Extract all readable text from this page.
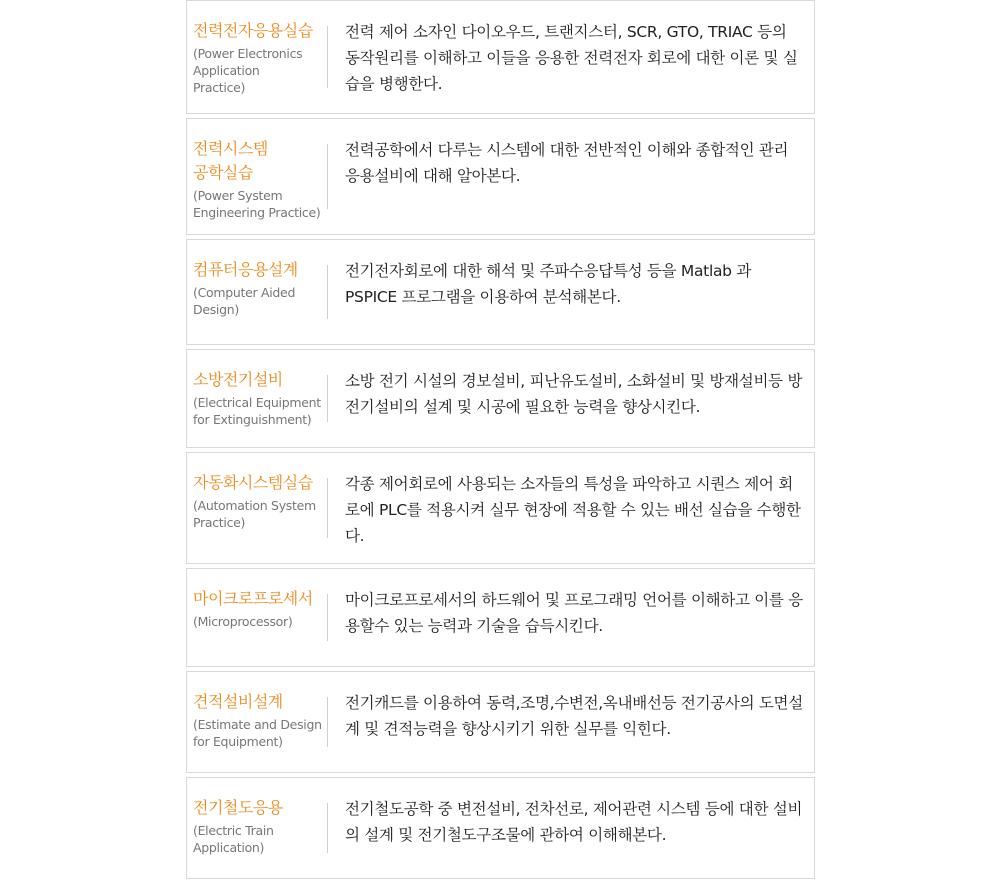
전력전자응용실습
(Power Electronics Application Practice)
전력 제어 소자인 다이오우드, 트랜지스터, SCR, GTO, TRIAC 등의 동작원리를 이해하고 이들을 응용한 전력전자 회로에 대한 이론 및 실습을 병행한다.
전력시스템 공학실습
(Power System Engineering Practice)
전력공학에서 다루는 시스템에 대한 전반적인 이해와 종합적인 관리 응용설비에 대해 알아본다.
컴퓨터응용설계
(Computer Aided Design)
전기전자회로에 대한 해석 및 주파수응답특성 등을 Matlab 과 PSPICE 프로그램을 이용하여 분석해본다.
소방전기설비
(Electrical Equipment for Extinguishment)
소방 전기 시설의 경보설비, 피난유도설비, 소화설비 및 방재설비등 방전기설비의 설계 및 시공에 필요한 능력을 향상시킨다.
자동화시스템실습
(Automation System Practice)
각종 제어회로에 사용되는 소자들의 특성을 파악하고 시퀀스 제어 회로에 PLC를 적용시켜 실무 현장에 적용할 수 있는 배선 실습을 수행한다.
마이크로프로세서
(Microprocessor)
마이크로프로세서의 하드웨어 및 프로그래밍 언어를 이해하고 이를 응용할수 있는 능력과 기술을 습득시킨다.
견적설비설계
(Estimate and Design for Equipment)
전기캐드를 이용하여 동력,조명,수변전,옥내배선등 전기공사의 도면설계 및 견적능력을 향상시키기 위한 실무를 익힌다.
전기철도응용
(Electric Train Application)
전기철도공학 중 변전설비, 전차선로, 제어관련 시스템 등에 대한 설비의 설계 및 전기철도구조물에 관하여 이해해본다.
